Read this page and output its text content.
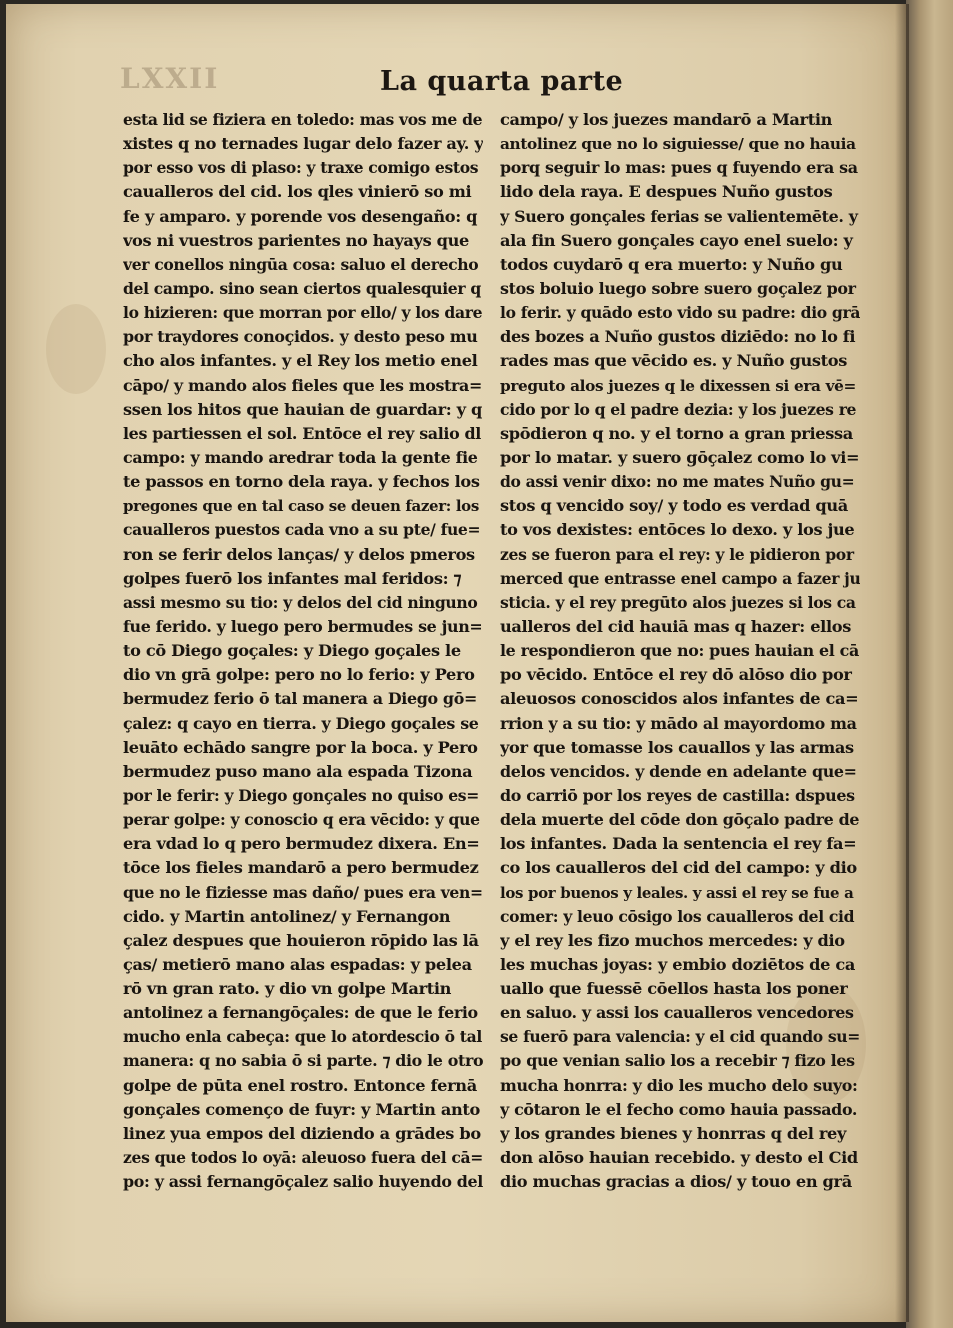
LXXII	La quarta parte
esta lid se fiziera en toledo: mas vos me de
xistes q no ternades lugar delo fazer ay. y
por esso vos di plaso: y traxe comigo estos
caualleros del cid. los qles vinierō so mi
fe y amparo. y porende vos desengaño: q
vos ni vuestros parientes no hayays que
ver conellos ningūa cosa: saluo el derecho
del campo. sino sean ciertos qualesquier q
lo hizieren: que morran por ello/ y los dare
por traydores conoçidos. y desto peso mu
cho alos infantes. y el Rey los metio enel
cāpo/ y mando alos fieles que les mostra=
ssen los hitos que hauian de guardar: y q
les partiessen el sol. Entōce el rey salio dl
campo: y mando aredrar toda la gente fie
te passos en torno dela raya. y fechos los
pregones que en tal caso se deuen fazer: los
caualleros puestos cada vno a su pte/ fue=
ron se ferir delos lanças/ y delos pmeros
golpes fuerō los infantes mal feridos: ⁊
assi mesmo su tio: y delos del cid ninguno
fue ferido. y luego pero bermudes se jun=
to cō Diego goçales: y Diego goçales le
dio vn grā golpe: pero no lo ferio: y Pero
bermudez ferio ō tal manera a Diego gō=
çalez: q cayo en tierra. y Diego goçales se
leuāto echādo sangre por la boca. y Pero
bermudez puso mano ala espada Tizona
por le ferir: y Diego gonçales no quiso es=
perar golpe: y conoscio q era vēcido: y que
era vdad lo q pero bermudez dixera. En=
tōce los fieles mandarō a pero bermudez
que no le fiziesse mas daño/ pues era ven=
cido. y Martin antolinez/ y Fernangon
çalez despues que houieron rōpido las lā
ças/ metierō mano alas espadas: y pelea
rō vn gran rato. y dio vn golpe Martin
antolinez a fernangōçales: de que le ferio
mucho enla cabeça: que lo atordescio ō tal
manera: q no sabia ō si parte. ⁊ dio le otro
golpe de pūta enel rostro. Entonce fernā
gonçales començo de fuyr: y Martin anto
linez yua empos del diziendo a grādes bo
zes que todos lo oyā: aleuoso fuera del cā=
po: y assi fernangōçalez salio huyendo del
campo/ y los juezes mandarō a Martin
antolinez que no lo siguiesse/ que no hauia
porq seguir lo mas: pues q fuyendo era sa
lido dela raya. E despues Nuño gustos
y Suero gonçales ferias se valientemēte. y
ala fin Suero gonçales cayo enel suelo: y
todos cuydarō q era muerto: y Nuño gu
stos boluio luego sobre suero goçalez por
lo ferir. y quādo esto vido su padre: dio grā
des bozes a Nuño gustos diziēdo: no lo fi
rades mas que vēcido es. y Nuño gustos
preguto alos juezes q le dixessen si era vē=
cido por lo q el padre dezia: y los juezes re
spōdieron q no. y el torno a gran priessa
por lo matar. y suero gōçalez como lo vi=
do assi venir dixo: no me mates Nuño gu=
stos q vencido soy/ y todo es verdad quā
to vos dexistes: entōces lo dexo. y los jue
zes se fueron para el rey: y le pidieron por
merced que entrasse enel campo a fazer ju
sticia. y el rey pregūto alos juezes si los ca
ualleros del cid hauiā mas q hazer: ellos
le respondieron que no: pues hauian el cā
po vēcido. Entōce el rey dō alōso dio por
aleuosos conoscidos alos infantes de ca=
rrion y a su tio: y mādo al mayordomo ma
yor que tomasse los cauallos y las armas
delos vencidos. y dende en adelante que=
do carriō por los reyes de castilla: dspues
dela muerte del cōde don gōçalo padre de
los infantes. Dada la sentencia el rey fa=
co los caualleros del cid del campo: y dio
los por buenos y leales. y assi el rey se fue a
comer: y leuo cōsigo los caualleros del cid
y el rey les fizo muchos mercedes: y dio
les muchas joyas: y embio doziētos de ca
uallo que fuessē cōellos hasta los poner
en saluo. y assi los caualleros vencedores
se fuerō para valencia: y el cid quando su=
po que venian salio los a recebir ⁊ fizo les
mucha honrra: y dio les mucho delo suyo:
y cōtaron le el fecho como hauia passado.
y los grandes bienes y honrras q del rey
don alōso hauian recebido. y desto el Cid
dio muchas gracias a dios/ y touo en grā
